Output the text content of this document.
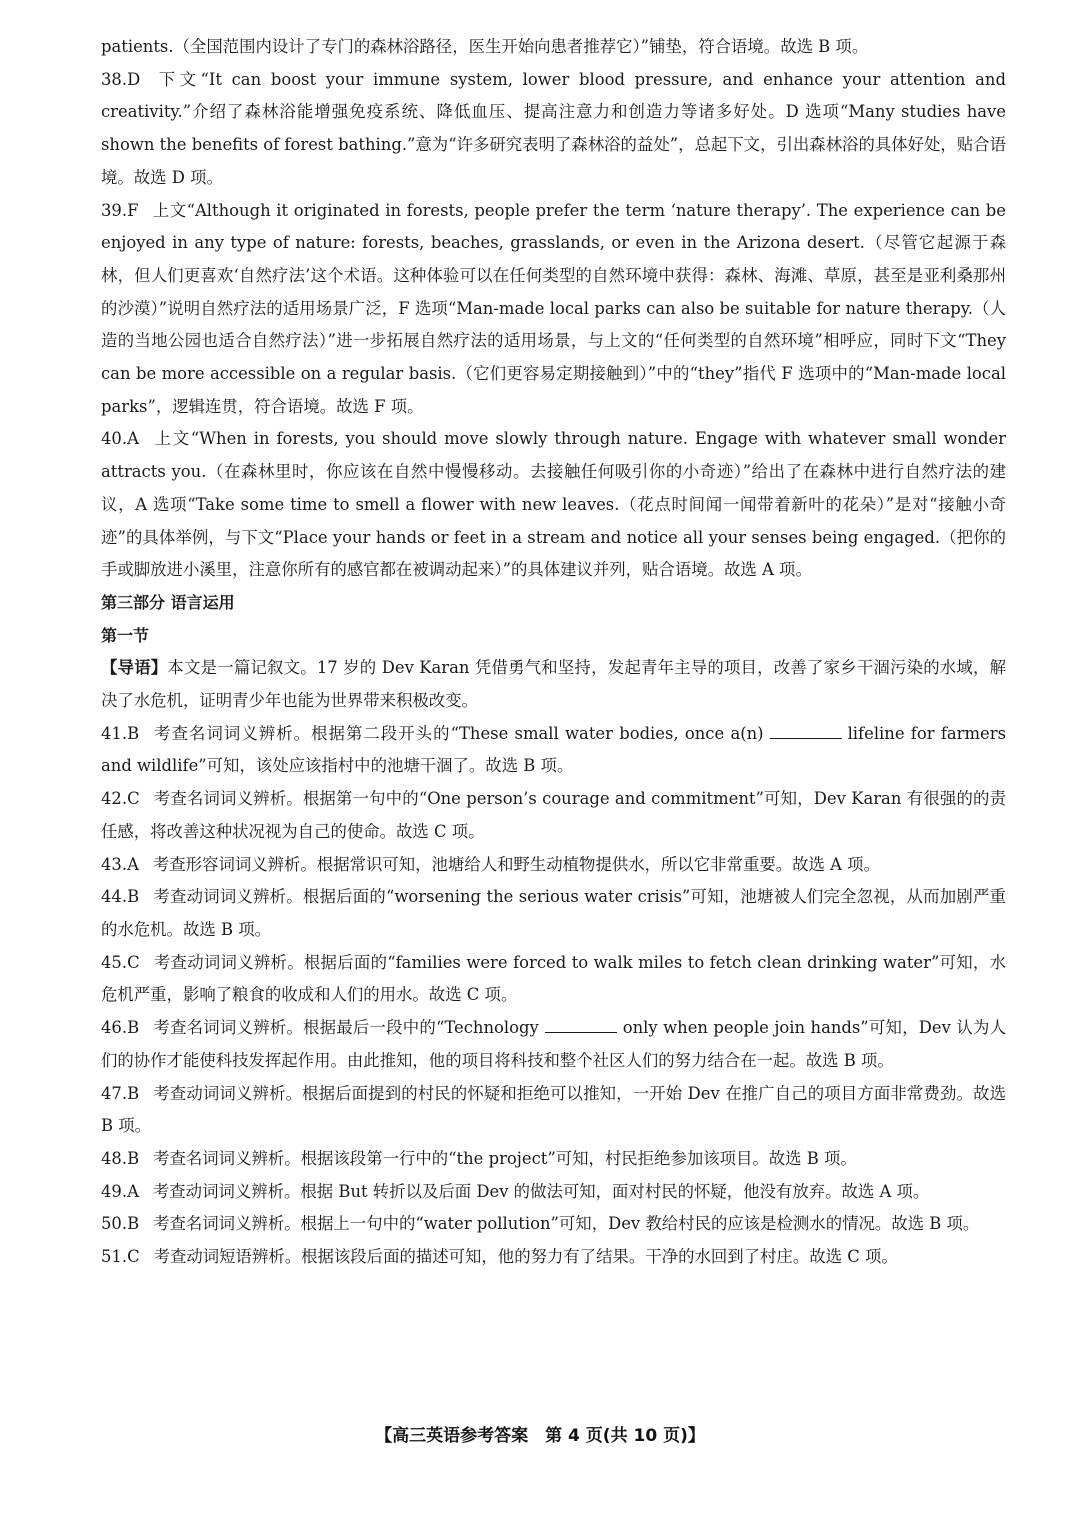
patients.（全国范围内设计了专门的森林浴路径，医生开始向患者推荐它）”铺垫，符合语境。故选 B 项。

38.D 下文“It can boost your immune system, lower blood pressure, and enhance your attention and creativity.”介绍了森林浴能增强免疫系统、降低血压、提高注意力和创造力等诸多好处。D 选项“Many studies have shown the benefits of forest bathing.”意为“许多研究表明了森林浴的益处”，总起下文，引出森林浴的具体好处，贴合语境。故选 D 项。

39.F 上文“Although it originated in forests, people prefer the term ‘nature therapy’. The experience can be enjoyed in any type of nature: forests, beaches, grasslands, or even in the Arizona desert.（尽管它起源于森林，但人们更喜欢‘自然疗法’这个术语。这种体验可以在任何类型的自然环境中获得：森林、海滩、草原，甚至是亚利桑那州的沙漠）”说明自然疗法的适用场景广泛，F 选项“Man-made local parks can also be suitable for nature therapy.（人造的当地公园也适合自然疗法）”进一步拓展自然疗法的适用场景，与上文的“任何类型的自然环境”相呼应，同时下文“They can be more accessible on a regular basis.（它们更容易定期接触到）”中的“they”指代 F 选项中的“Man-made local parks”，逻辑连贯，符合语境。故选 F 项。

40.A 上文“When in forests, you should move slowly through nature. Engage with whatever small wonder attracts you.（在森林里时，你应该在自然中慢慢移动。去接触任何吸引你的小奇迹）”给出了在森林中进行自然疗法的建议，A 选项“Take some time to smell a flower with new leaves.（花点时间闻一闻带着新叶的花朵）”是对“接触小奇迹”的具体举例，与下文“Place your hands or feet in a stream and notice all your senses being engaged.（把你的手或脚放进小溪里，注意你所有的感官都在被调动起来）”的具体建议并列，贴合语境。故选 A 项。

第三部分 语言运用

第一节

【导语】本文是一篇记叙文。17 岁的 Dev Karan 凭借勇气和坚持，发起青年主导的项目，改善了家乡干涸污染的水域，解决了水危机，证明青少年也能为世界带来积极改变。

41.B 考查名词词义辨析。根据第二段开头的“These small water bodies, once a(n)	lifeline for farmers and wildlife”可知，该处应该指村中的池塘干涸了。故选 B 项。

42.C 考查名词词义辨析。根据第一句中的“One person’s courage and commitment”可知，Dev Karan 有很强的的责任感，将改善这种状况视为自己的使命。故选 C 项。

43.A 考查形容词词义辨析。根据常识可知，池塘给人和野生动植物提供水，所以它非常重要。故选 A 项。

44.B 考查动词词义辨析。根据后面的“worsening the serious water crisis”可知，池塘被人们完全忽视，从而加剧严重的水危机。故选 B 项。

45.C 考查动词词义辨析。根据后面的“families were forced to walk miles to fetch clean drinking water”可知，水危机严重，影响了粮食的收成和人们的用水。故选 C 项。

46.B 考查名词词义辨析。根据最后一段中的“Technology	only when people join hands”可知，Dev 认为人们的协作才能使科技发挥起作用。由此推知，他的项目将科技和整个社区人们的努力结合在一起。故选 B 项。

47.B 考查动词词义辨析。根据后面提到的村民的怀疑和拒绝可以推知，一开始 Dev 在推广自己的项目方面非常费劲。故选 B 项。

48.B 考查名词词义辨析。根据该段第一行中的“the project”可知，村民拒绝参加该项目。故选 B 项。

49.A 考查动词词义辨析。根据 But 转折以及后面 Dev 的做法可知，面对村民的怀疑，他没有放弃。故选 A 项。

50.B 考查名词词义辨析。根据上一句中的“water pollution”可知，Dev 教给村民的应该是检测水的情况。故选 B 项。

51.C 考查动词短语辨析。根据该段后面的描述可知，他的努力有了结果。干净的水回到了村庄。故选 C 项。

【高三英语参考答案　第 4 页(共 10 页)】
